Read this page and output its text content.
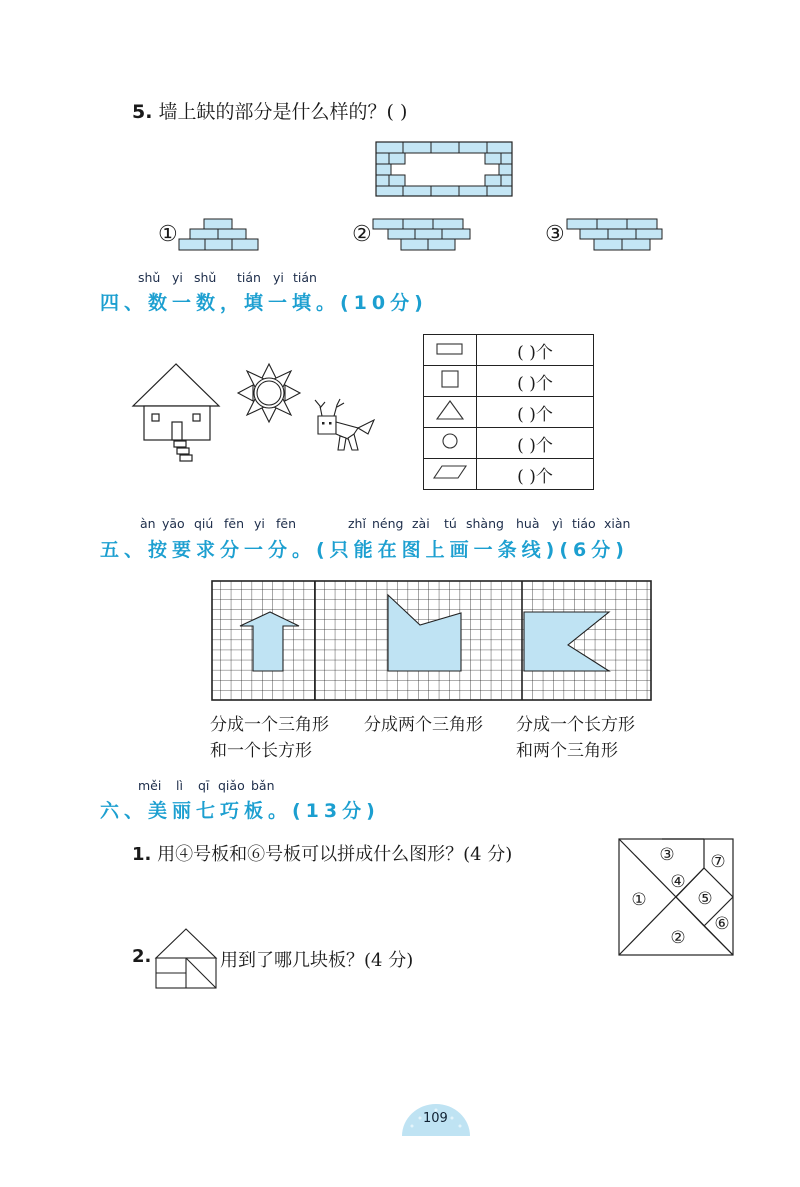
5. 墙上缺的部分是什么样的？( )
①	②	③
shǔ yi shǔ tián yi tián
四、数一数，填一填。(10分)
	( )个
	( )个
	( )个
	( )个
	( )个
àn yāo qiú fēn yi fēn	zhǐ néng zài tú shàng huà yì tiáo xiàn
五、按要求分一分。(只能在图上画一条线)(6分)
分成一个三角形
和一个长方形
分成两个三角形 分成一个长方形
和两个三角形
měi lì qī qiǎo bǎn
六、美丽七巧板。(13分)
1. 用④号板和⑥号板可以拼成什么图形？(4 分)
①
②
③
④
⑤
⑥
⑦
2.	用到了哪几块板？(4 分)
109
